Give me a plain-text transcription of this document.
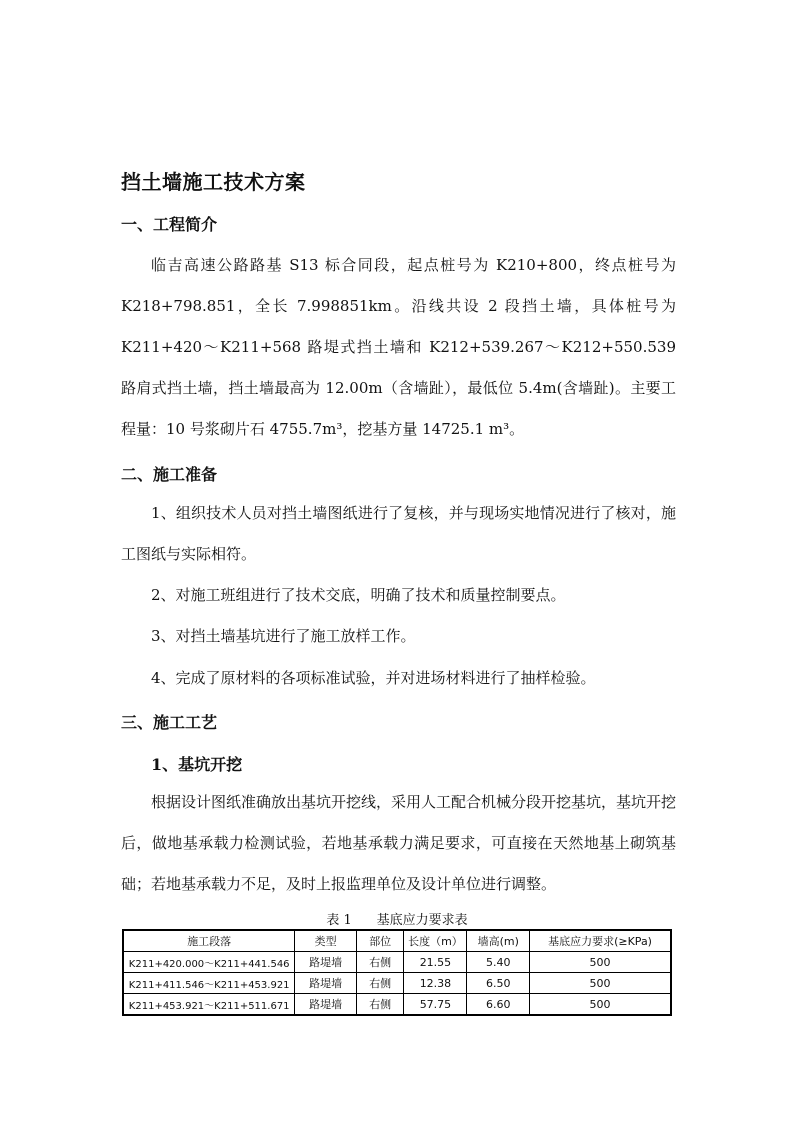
挡土墙施工技术方案
一、工程简介
临吉高速公路路基 S13 标合同段，起点桩号为 K210+800，终点桩号为 K218+798.851，全长 7.998851km。沿线共设 2 段挡土墙，具体桩号为 K211+420～K211+568 路堤式挡土墙和 K212+539.267～K212+550.539 路肩式挡土墙，挡土墙最高为 12.00m（含墙趾），最低位 5.4m(含墙趾)。主要工程量：10 号浆砌片石 4755.7m³，挖基方量 14725.1 m³。
二、施工准备
1、组织技术人员对挡土墙图纸进行了复核，并与现场实地情况进行了核对，施工图纸与实际相符。
2、对施工班组进行了技术交底，明确了技术和质量控制要点。
3、对挡土墙基坑进行了施工放样工作。
4、完成了原材料的各项标准试验，并对进场材料进行了抽样检验。
三、施工工艺
1、基坑开挖
根据设计图纸准确放出基坑开挖线，采用人工配合机械分段开挖基坑，基坑开挖后，做地基承载力检测试验，若地基承载力满足要求，可直接在天然地基上砌筑基础；若地基承载力不足，及时上报监理单位及设计单位进行调整。
表 1      基底应力要求表
施工段落	类型	部位	长度（m）	墙高(m)	基底应力要求(≥KPa)
K211+420.000～K211+441.546	路堤墙	右侧	21.55	5.40	500
K211+411.546～K211+453.921	路堤墙	右侧	12.38	6.50	500
K211+453.921～K211+511.671	路堤墙	右侧	57.75	6.60	500
